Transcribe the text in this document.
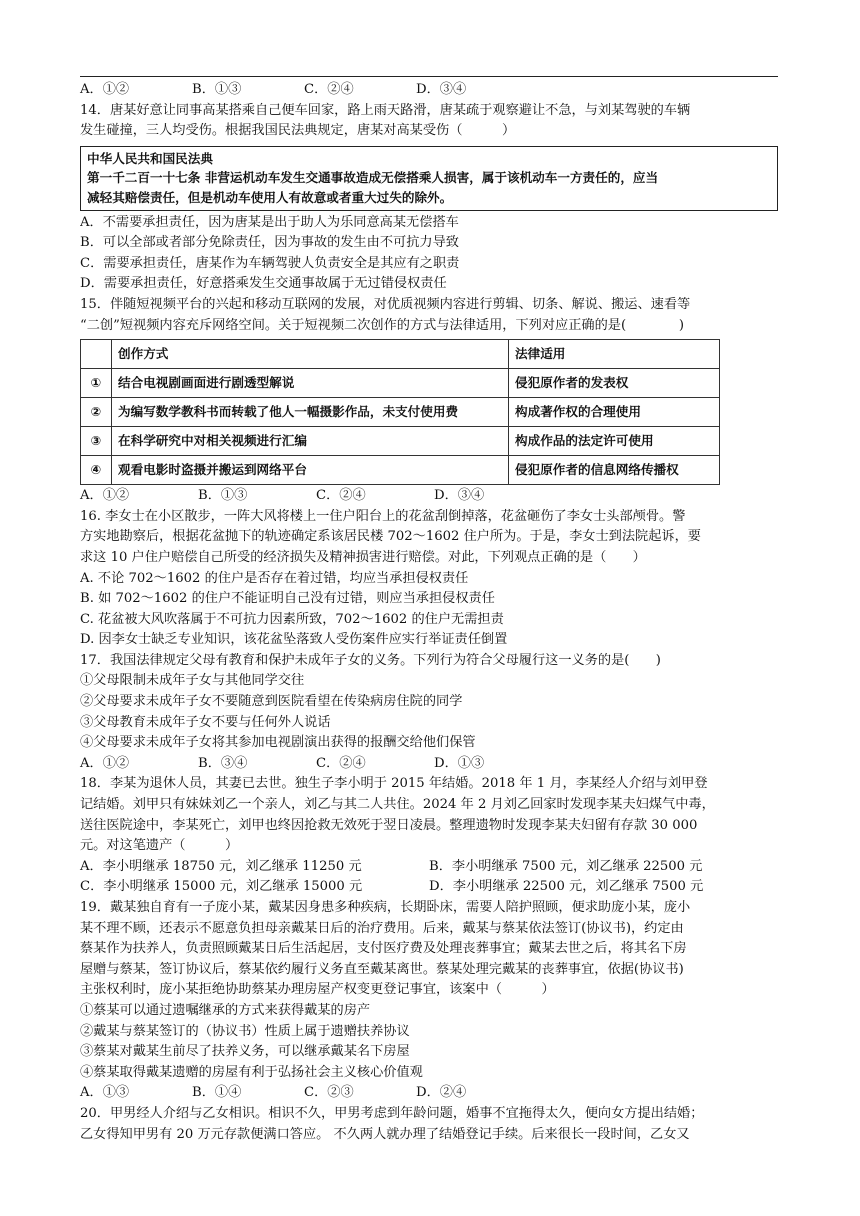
A．①②	B．①③	C．②④	D．③④
14．唐某好意让同事高某搭乘自己便车回家，路上雨天路滑，唐某疏于观察避让不急，与刘某驾驶的车辆
发生碰撞，三人均受伤。根据我国民法典规定，唐某对高某受伤（　　　）
中华人民共和国民法典
第一千二百一十七条 非营运机动车发生交通事故造成无偿搭乘人损害，属于该机动车一方责任的，应当
减轻其赔偿责任，但是机动车使用人有故意或者重大过失的除外。
A．不需要承担责任，因为唐某是出于助人为乐同意高某无偿搭车
B．可以全部或者部分免除责任，因为事故的发生由不可抗力导致
C．需要承担责任，唐某作为车辆驾驶人负责安全是其应有之职责
D．需要承担责任，好意搭乘发生交通事故属于无过错侵权责任
15．伴随短视频平台的兴起和移动互联网的发展，对优质视频内容进行剪辑、切条、解说、搬运、速看等
“二创”短视频内容充斥网络空间。关于短视频二次创作的方式与法律适用，下列对应正确的是(　　　　)
	创作方式	法律适用
①	结合电视剧画面进行剧透型解说	侵犯原作者的发表权
②	为编写数学教科书而转载了他人一幅摄影作品，未支付使用费	构成著作权的合理使用
③	在科学研究中对相关视频进行汇编	构成作品的法定许可使用
④	观看电影时盗摄并搬运到网络平台	侵犯原作者的信息网络传播权
A．①②	B．①③	C．②④	D．③④
16. 李女士在小区散步，一阵大风将楼上一住户阳台上的花盆刮倒掉落，花盆砸伤了李女士头部颅骨。警
方实地勘察后，根据花盆抛下的轨迹确定系该居民楼 702～1602 住户所为。于是，李女士到法院起诉，要
求这 10 户住户赔偿自己所受的经济损失及精神损害进行赔偿。对此，下列观点正确的是（　　）
A. 不论 702～1602 的住户是否存在着过错，均应当承担侵权责任
B. 如 702～1602 的住户不能证明自己没有过错，则应当承担侵权责任
C. 花盆被大风吹落属于不可抗力因素所致，702～1602 的住户无需担责
D. 因李女士缺乏专业知识，该花盆坠落致人受伤案件应实行举证责任倒置
17．我国法律规定父母有教育和保护未成年子女的义务。下列行为符合父母履行这一义务的是(　　)
①父母限制未成年子女与其他同学交往
②父母要求未成年子女不要随意到医院看望在传染病房住院的同学
③父母教育未成年子女不要与任何外人说话
④父母要求未成年子女将其参加电视剧演出获得的报酬交给他们保管
A．①②	B．③④	C．②④	D．①③
18．李某为退休人员，其妻已去世。独生子李小明于 2015 年结婚。2018 年 1 月，李某经人介绍与刘甲登
记结婚。刘甲只有妹妹刘乙一个亲人，刘乙与其二人共住。2024 年 2 月刘乙回家时发现李某夫妇煤气中毒，
送往医院途中，李某死亡，刘甲也终因抢救无效死于翌日凌晨。整理遗物时发现李某夫妇留有存款 30 000
元。对这笔遗产（　　　）
A．李小明继承 18750 元，刘乙继承 11250 元	B．李小明继承 7500 元，刘乙继承 22500 元
C．李小明继承 15000 元，刘乙继承 15000 元	D．李小明继承 22500 元，刘乙继承 7500 元
19．戴某独自育有一子庞小某，戴某因身患多种疾病，长期卧床，需要人陪护照顾，便求助庞小某，庞小
某不理不顾，还表示不愿意负担母亲戴某日后的治疗费用。后来，戴某与蔡某依法签订(协议书)，约定由
蔡某作为扶养人，负责照顾戴某日后生活起居，支付医疗费及处理丧葬事宜；戴某去世之后，将其名下房
屋赠与蔡某，签订协议后，蔡某依约履行义务直至戴某离世。蔡某处理完戴某的丧葬事宜，依据(协议书)
主张权利时，庞小某拒绝协助蔡某办理房屋产权变更登记事宜，该案中（　　　）
①蔡某可以通过遗嘱继承的方式来获得戴某的房产
②戴某与蔡某签订的（协议书）性质上属于遗赠扶养协议
③蔡某对戴某生前尽了扶养义务，可以继承戴某名下房屋
④蔡某取得戴某遗赠的房屋有利于弘扬社会主义核心价值观
A．①③	B．①④	C．②③	D．②④
20．甲男经人介绍与乙女相识。相识不久，甲男考虑到年龄问题，婚事不宜拖得太久，便向女方提出结婚；
乙女得知甲男有 20 万元存款便满口答应。 不久两人就办理了结婚登记手续。后来很长一段时间，乙女又
